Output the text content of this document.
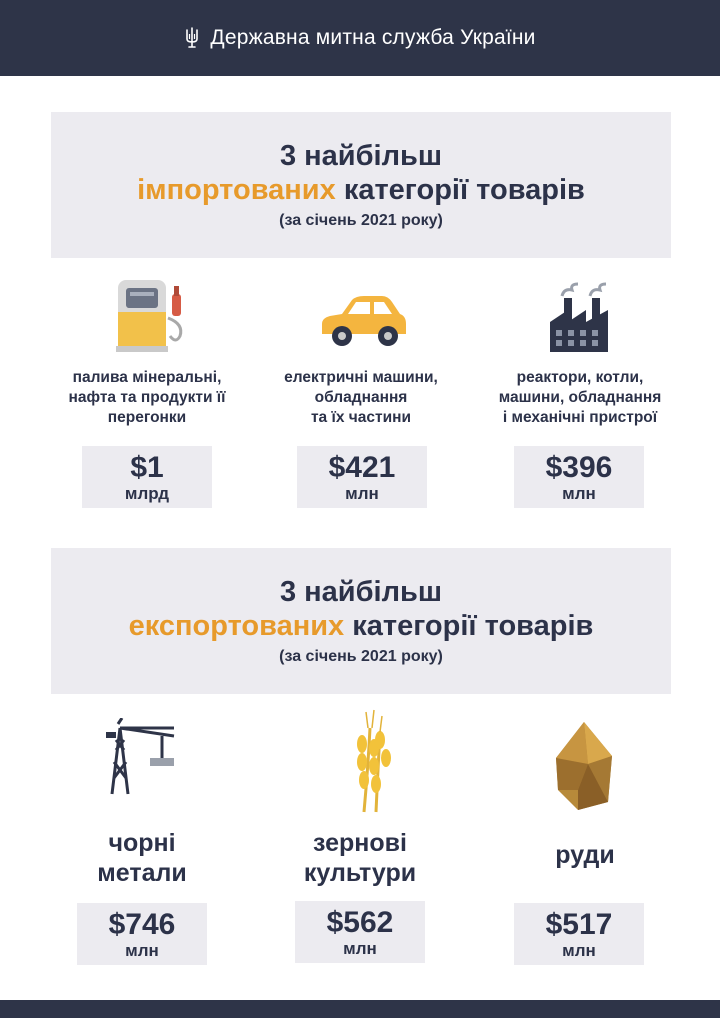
Державна митна служба України
3 найбільш
імпортованих категорії товарів
(за січень 2021 року)
палива мінеральні,
нафта та продукти її
перегонки
електричні машини,
обладнання
та їх частини
реактори, котли,
машини, обладнання
і механічні пристрої
$1
млрд
$421
млн
$396
млн
3 найбільш
експортованих категорії товарів
(за січень 2021 року)
чорні
метали
зернові
культури
руди
$746
млн
$562
млн
$517
млн
